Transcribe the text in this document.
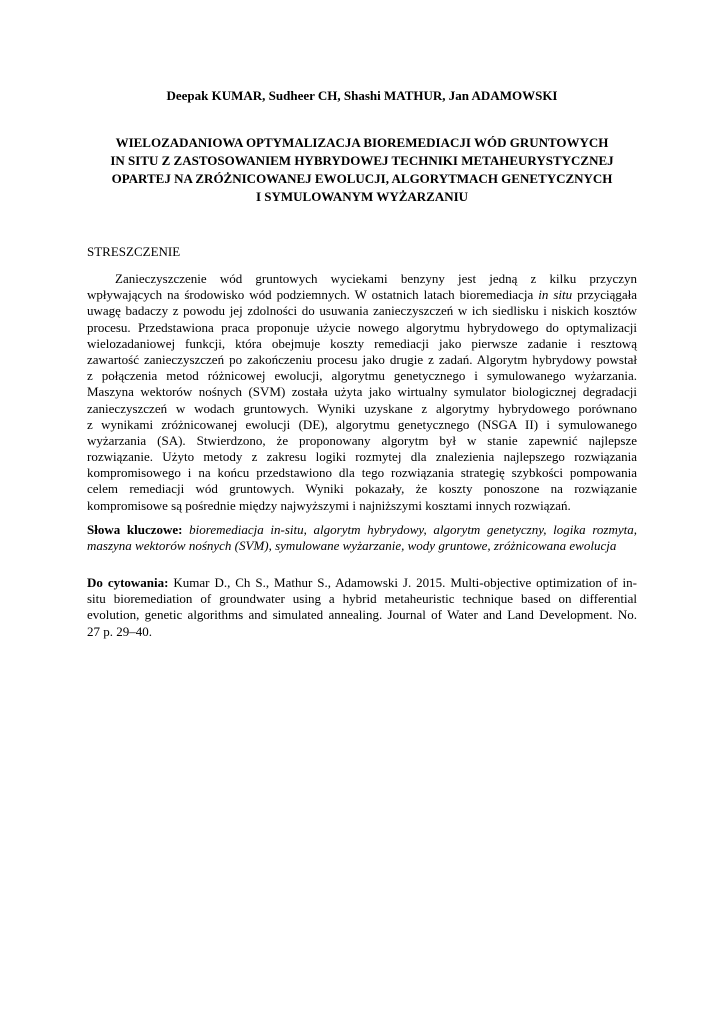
Deepak KUMAR, Sudheer CH, Shashi MATHUR, Jan ADAMOWSKI
WIELOZADANIOWA OPTYMALIZACJA BIOREMEDIACJI WÓD GRUNTOWYCH
IN SITU Z ZASTOSOWANIEM HYBRYDOWEJ TECHNIKI METAHEURYSTYCZNEJ
OPARTEJ NA ZRÓŻNICOWANEJ EWOLUCJI, ALGORYTMACH GENETYCZNYCH
I SYMULOWANYM WYŻARZANIU
STRESZCZENIE
Zanieczyszczenie wód gruntowych wyciekami benzyny jest jedną z kilku przyczyn
wpływających na środowisko wód podziemnych. W ostatnich latach bioremediacja in situ przyciągała
uwagę badaczy z powodu jej zdolności do usuwania zanieczyszczeń w ich siedlisku i niskich kosztów
procesu. Przedstawiona praca proponuje użycie nowego algorytmu hybrydowego do optymalizacji
wielozadaniowej funkcji, która obejmuje koszty remediacji jako pierwsze zadanie i resztową
zawartość zanieczyszczeń po zakończeniu procesu jako drugie z zadań. Algorytm hybrydowy powstał
z połączenia metod różnicowej ewolucji, algorytmu genetycznego i symulowanego wyżarzania.
Maszyna wektorów nośnych (SVM) została użyta jako wirtualny symulator biologicznej degradacji
zanieczyszczeń w wodach gruntowych. Wyniki uzyskane z algorytmy hybrydowego porównano
z wynikami zróżnicowanej ewolucji (DE), algorytmu genetycznego (NSGA II) i symulowanego
wyżarzania (SA). Stwierdzono, że proponowany algorytm był w stanie zapewnić najlepsze
rozwiązanie. Użyto metody z zakresu logiki rozmytej dla znalezienia najlepszego rozwiązania
kompromisowego i na końcu przedstawiono dla tego rozwiązania strategię szybkości pompowania
celem remediacji wód gruntowych. Wyniki pokazały, że koszty ponoszone na rozwiązanie
kompromisowe są pośrednie między najwyższymi i najniższymi kosztami innych rozwiązań.
Słowa kluczowe: bioremediacja in-situ, algorytm hybrydowy, algorytm genetyczny, logika rozmyta,
maszyna wektorów nośnych (SVM), symulowane wyżarzanie, wody gruntowe, zróżnicowana ewolucja
Do cytowania: Kumar D., Ch S., Mathur S., Adamowski J. 2015. Multi-objective optimization of in-
situ bioremediation of groundwater using a hybrid metaheuristic technique based on differential
evolution, genetic algorithms and simulated annealing. Journal of Water and Land Development. No.
27 p. 29–40.
